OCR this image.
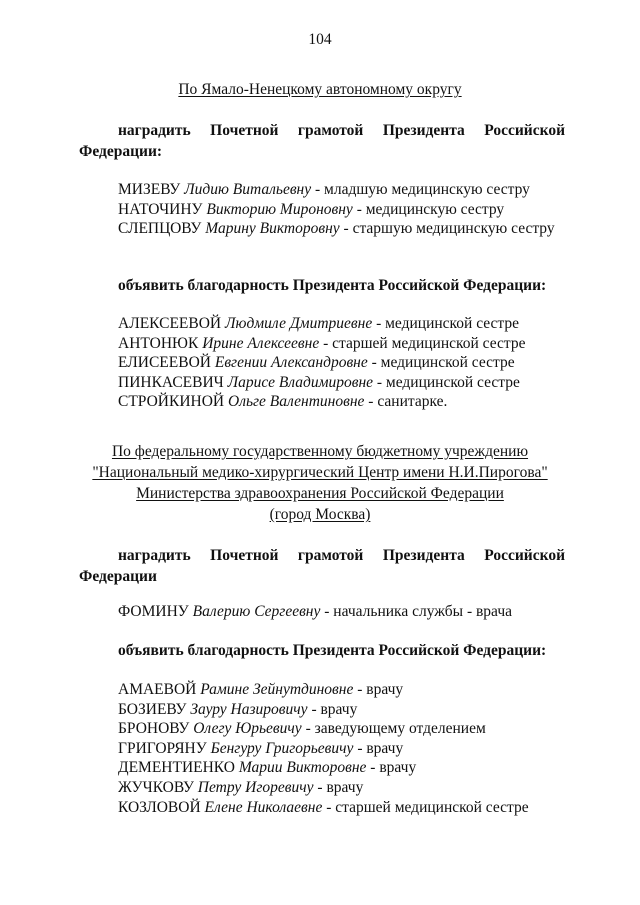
104
По Ямало-Ненецкому автономному округу
наградить Почетной грамотой Президента Российской
Федерации:
МИЗЕВУ Лидию Витальевну - младшую медицинскую сестру
НАТОЧИНУ Викторию Мироновну - медицинскую сестру
СЛЕПЦОВУ Марину Викторовну - старшую медицинскую сестру
объявить благодарность Президента Российской Федерации:
АЛЕКСЕЕВОЙ Людмиле Дмитриевне - медицинской сестре
АНТОНЮК Ирине Алексеевне - старшей медицинской сестре
ЕЛИСЕЕВОЙ Евгении Александровне - медицинской сестре
ПИНКАСЕВИЧ Ларисе Владимировне - медицинской сестре
СТРОЙКИНОЙ Ольге Валентиновне - санитарке.
По федеральному государственному бюджетному учреждению
"Национальный медико-хирургический Центр имени Н.И.Пирогова"
Министерства здравоохранения Российской Федерации
(город Москва)
наградить Почетной грамотой Президента Российской
Федерации
ФОМИНУ Валерию Сергеевну - начальника службы - врача
объявить благодарность Президента Российской Федерации:
АМАЕВОЙ Рамине Зейнутдиновне - врачу
БОЗИЕВУ Зауру Назировичу - врачу
БРОНОВУ Олегу Юрьевичу - заведующему отделением
ГРИГОРЯНУ Бенгуру Григорьевичу - врачу
ДЕМЕНТИЕНКО Марии Викторовне - врачу
ЖУЧКОВУ Петру Игоревичу - врачу
КОЗЛОВОЙ Елене Николаевне - старшей медицинской сестре
